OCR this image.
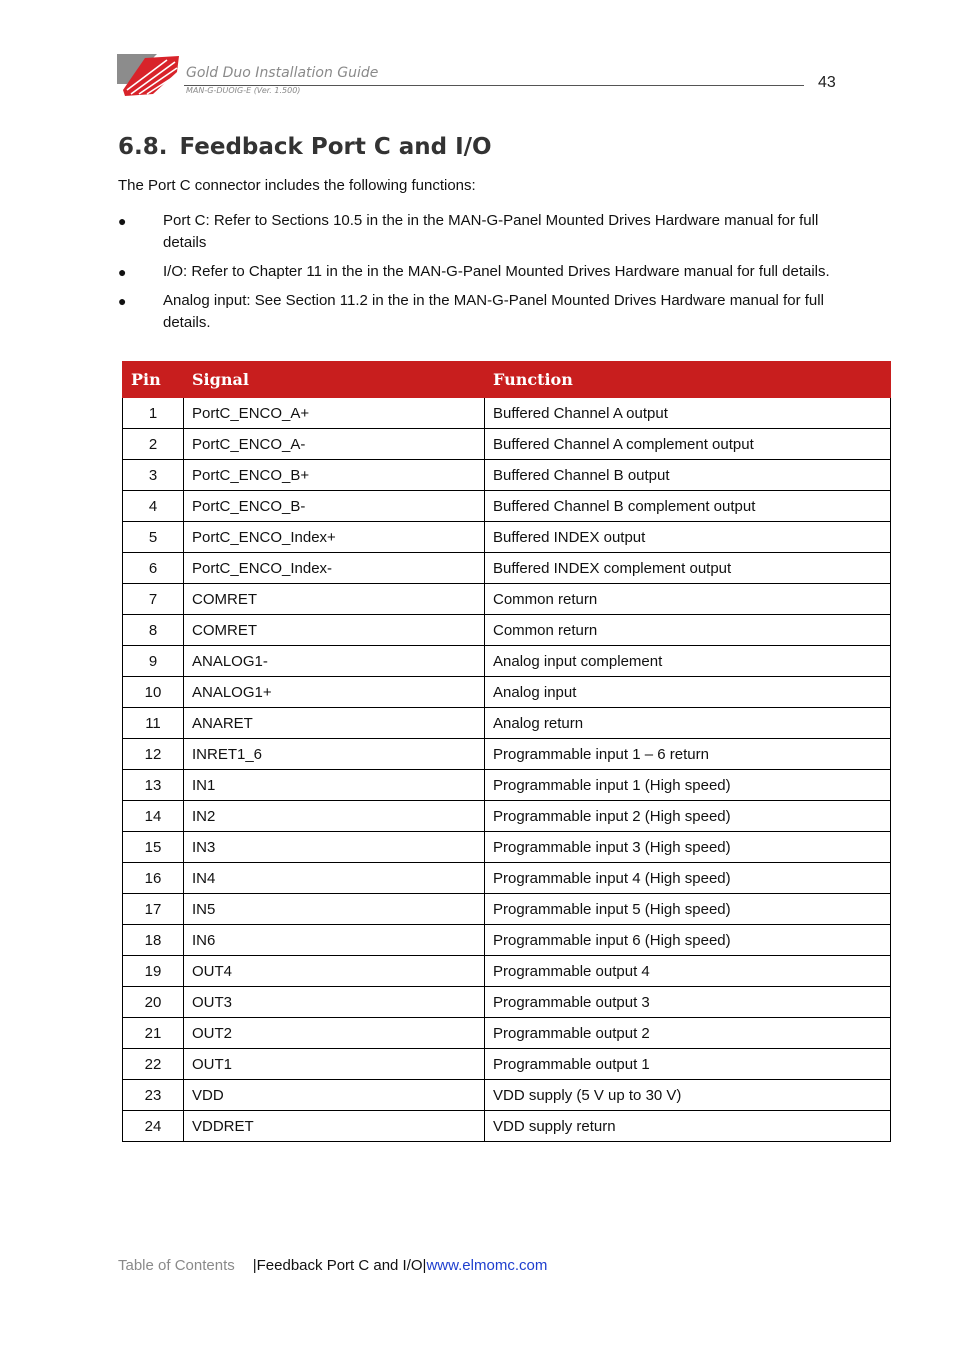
Gold Duo Installation Guide
MAN-G-DUOIG-E (Ver. 1.500)	43
6.8. Feedback Port C and I/O

The Port C connector includes the following functions:

● Port C: Refer to Sections 10.5 in the in the MAN-G-Panel Mounted Drives Hardware manual for full details
● I/O: Refer to Chapter 11 in the in the MAN-G-Panel Mounted Drives Hardware manual for full details.
● Analog input: See Section 11.2 in the in the MAN-G-Panel Mounted Drives Hardware manual for full details.
Pin	Signal	Function
1	PortC_ENCO_A+	Buffered Channel A output
2	PortC_ENCO_A-	Buffered Channel A complement output
3	PortC_ENCO_B+	Buffered Channel B output
4	PortC_ENCO_B-	Buffered Channel B complement output
5	PortC_ENCO_Index+	Buffered INDEX output
6	PortC_ENCO_Index-	Buffered INDEX complement output
7	COMRET	Common return
8	COMRET	Common return
9	ANALOG1-	Analog input complement
10	ANALOG1+	Analog input
11	ANARET	Analog return
12	INRET1_6	Programmable input 1 – 6 return
13	IN1	Programmable input 1 (High speed)
14	IN2	Programmable input 2 (High speed)
15	IN3	Programmable input 3 (High speed)
16	IN4	Programmable input 4 (High speed)
17	IN5	Programmable input 5 (High speed)
18	IN6	Programmable input 6 (High speed)
19	OUT4	Programmable output 4
20	OUT3	Programmable output 3
21	OUT2	Programmable output 2
22	OUT1	Programmable output 1
23	VDD	VDD supply (5 V up to 30 V)
24	VDDRET	VDD supply return
Table of Contents |Feedback Port C and I/O|www.elmomc.com
